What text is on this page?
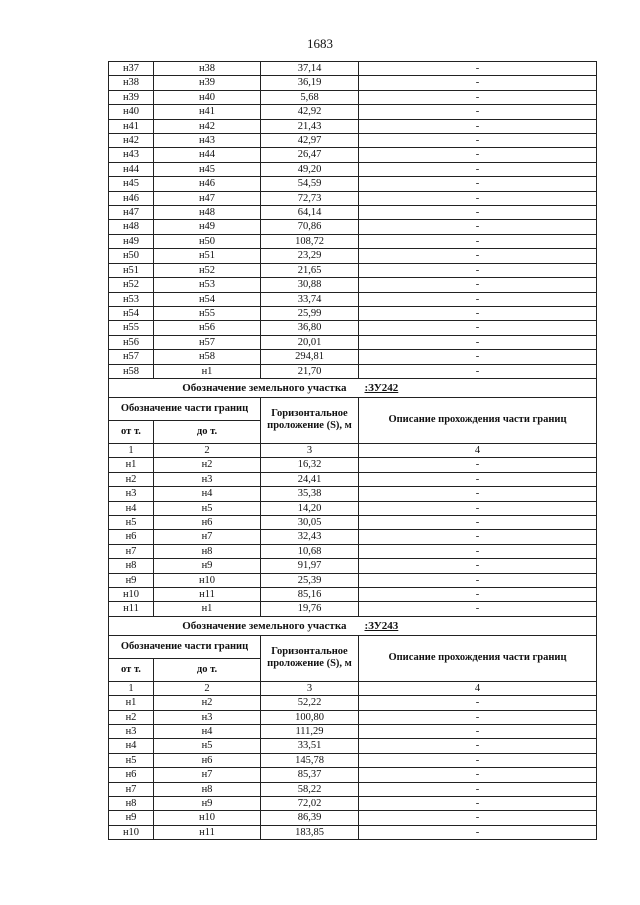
1683
н37	н38	37,14	-
н38	н39	36,19	-
н39	н40	5,68	-
н40	н41	42,92	-
н41	н42	21,43	-
н42	н43	42,97	-
н43	н44	26,47	-
н44	н45	49,20	-
н45	н46	54,59	-
н46	н47	72,73	-
н47	н48	64,14	-
н48	н49	70,86	-
н49	н50	108,72	-
н50	н51	23,29	-
н51	н52	21,65	-
н52	н53	30,88	-
н53	н54	33,74	-
н54	н55	25,99	-
н55	н56	36,80	-
н56	н57	20,01	-
н57	н58	294,81	-
н58	н1	21,70	-
Обозначение земельного участка			:ЗУ242
Обозначение части границ		Горизонтальное проложение (S), м	Описание прохождения части границ
от т.	до т.		
1	2	3	4
н1	н2	16,32	-
н2	н3	24,41	-
н3	н4	35,38	-
н4	н5	14,20	-
н5	н6	30,05	-
н6	н7	32,43	-
н7	н8	10,68	-
н8	н9	91,97	-
н9	н10	25,39	-
н10	н11	85,16	-
н11	н1	19,76	-
Обозначение земельного участка			:ЗУ243
Обозначение части границ		Горизонтальное проложение (S), м	Описание прохождения части границ
от т.	до т.		
1	2	3	4
н1	н2	52,22	-
н2	н3	100,80	-
н3	н4	111,29	-
н4	н5	33,51	-
н5	н6	145,78	-
н6	н7	85,37	-
н7	н8	58,22	-
н8	н9	72,02	-
н9	н10	86,39	-
н10	н11	183,85	-
